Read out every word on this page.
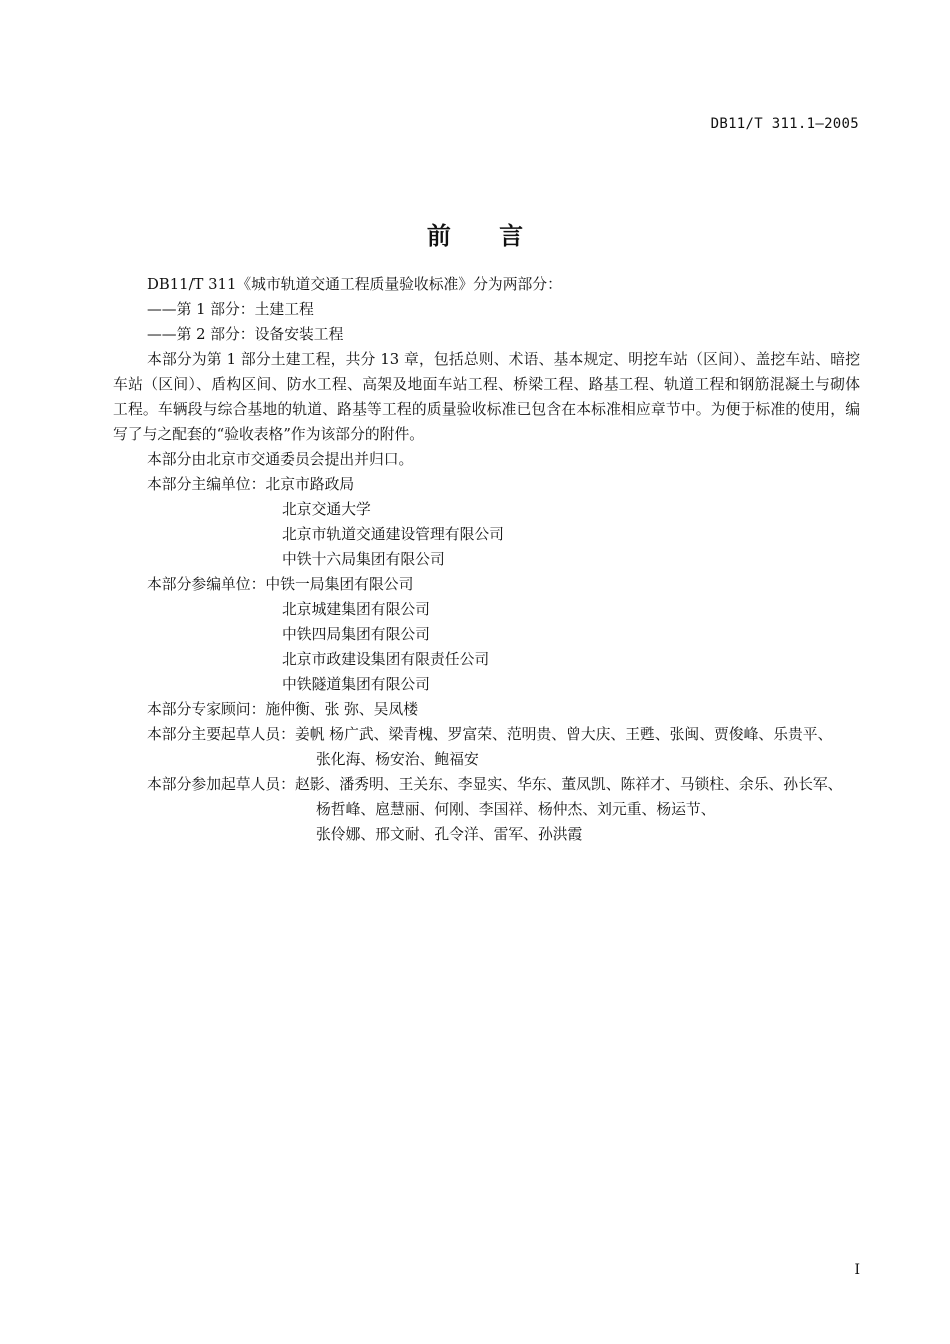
DB11/T 311.1—2005
前 言

DB11/T 311《城市轨道交通工程质量验收标准》分为两部分：

——第 1 部分：土建工程

——第 2 部分：设备安装工程

本部分为第 1 部分土建工程，共分 13 章，包括总则、术语、基本规定、明挖车站（区间）、盖挖车站、暗挖车站（区间）、盾构区间、防水工程、高架及地面车站工程、桥梁工程、路基工程、轨道工程和钢筋混凝土与砌体工程。车辆段与综合基地的轨道、路基等工程的质量验收标准已包含在本标准相应章节中。为便于标准的使用，编写了与之配套的“验收表格”作为该部分的附件。

本部分由北京市交通委员会提出并归口。

本部分主编单位： 北京市路政局

北京交通大学

北京市轨道交通建设管理有限公司

中铁十六局集团有限公司

本部分参编单位： 中铁一局集团有限公司

北京城建集团有限公司

中铁四局集团有限公司

北京市政建设集团有限责任公司

中铁隧道集团有限公司

本部分专家顾问： 施仲衡、张 弥、吴凤楼
本部分主要起草人员： 姜帆 杨广武、梁青槐、罗富荣、范明贵、曾大庆、王甦、张闽、贾俊峰、乐贵平、

张化海、杨安治、鲍福安

本部分参加起草人员： 赵影、潘秀明、王关东、李显实、华东、董凤凯、陈祥才、马锁柱、余乐、孙长军、

杨哲峰、扈慧丽、何刚、李国祥、杨仲杰、刘元重、杨运节、

张伶娜、邢文耐、孔令洋、雷军、孙洪霞

I
